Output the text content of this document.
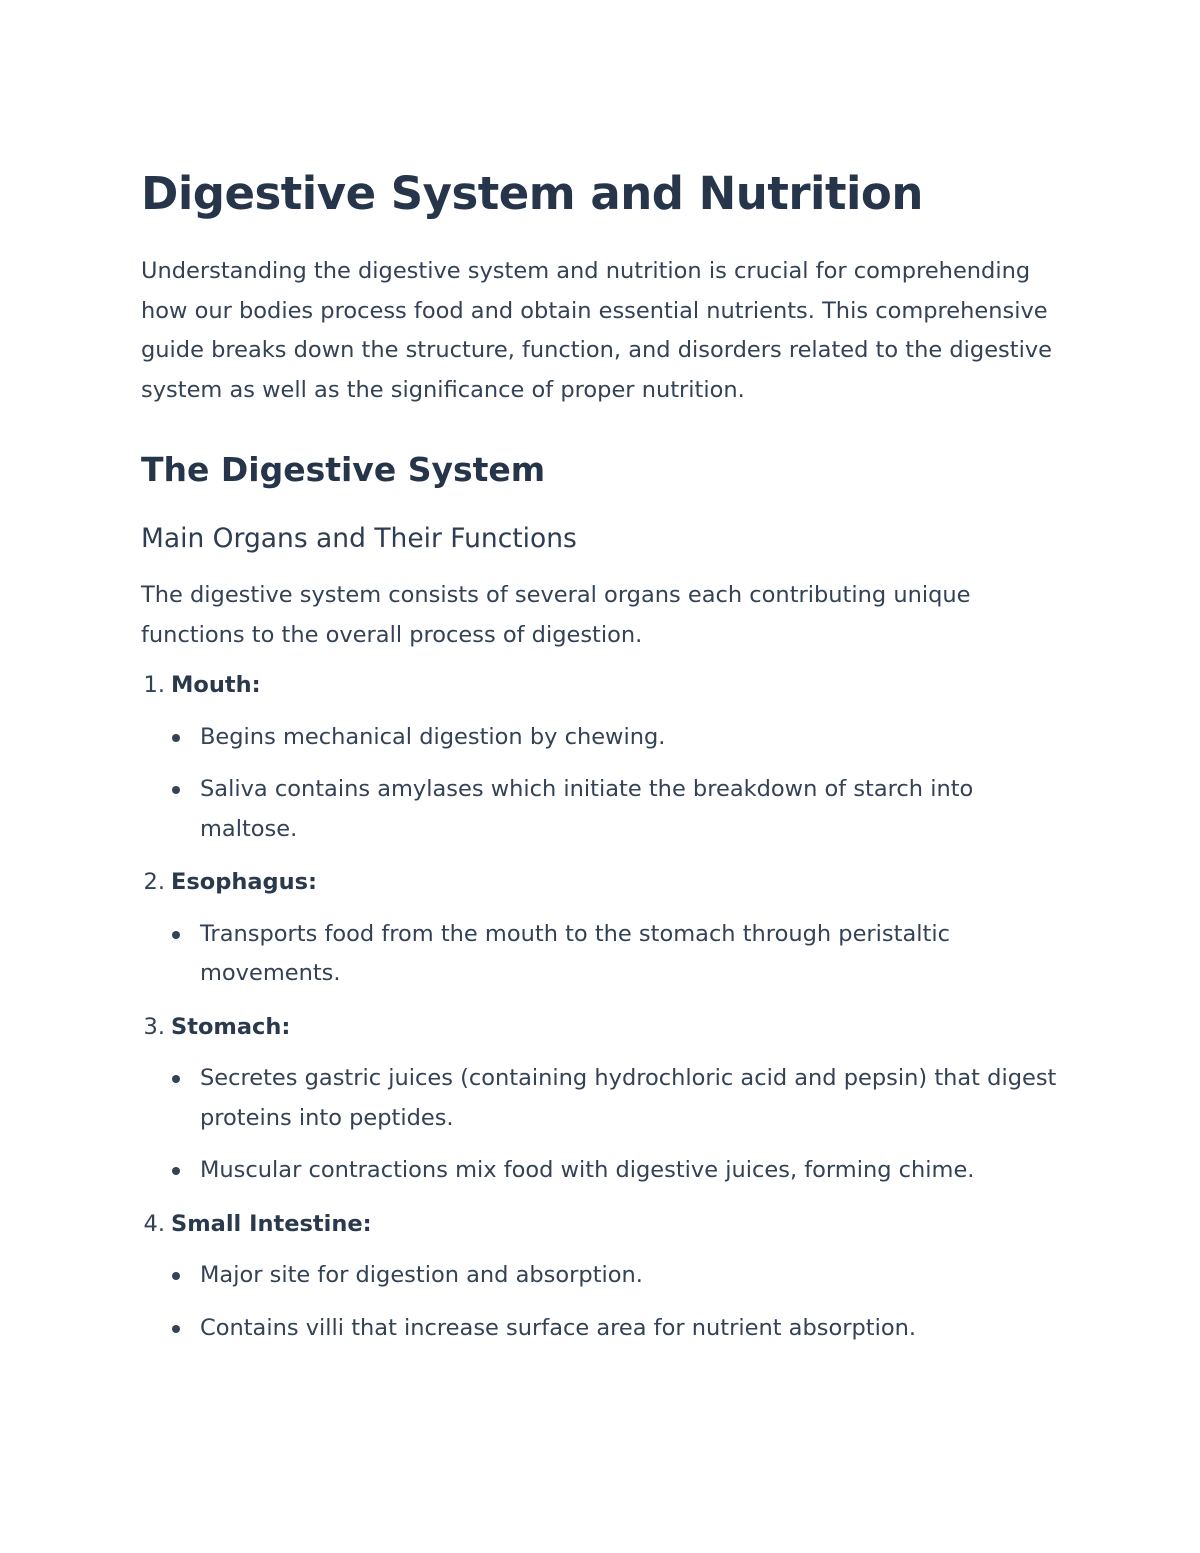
Digestive System and Nutrition

Understanding the digestive system and nutrition is crucial for comprehending how our bodies process food and obtain essential nutrients. This comprehensive guide breaks down the structure, function, and disorders related to the digestive system as well as the significance of proper nutrition.

The Digestive System
Main Organs and Their Functions

The digestive system consists of several organs each contributing unique functions to the overall process of digestion.

1. Mouth:
Begins mechanical digestion by chewing.
Saliva contains amylases which initiate the breakdown of starch into maltose.
2. Esophagus:
Transports food from the mouth to the stomach through peristaltic movements.
3. Stomach:
Secretes gastric juices (containing hydrochloric acid and pepsin) that digest proteins into peptides.
Muscular contractions mix food with digestive juices, forming chime.
4. Small Intestine:
Major site for digestion and absorption.
Contains villi that increase surface area for nutrient absorption.
